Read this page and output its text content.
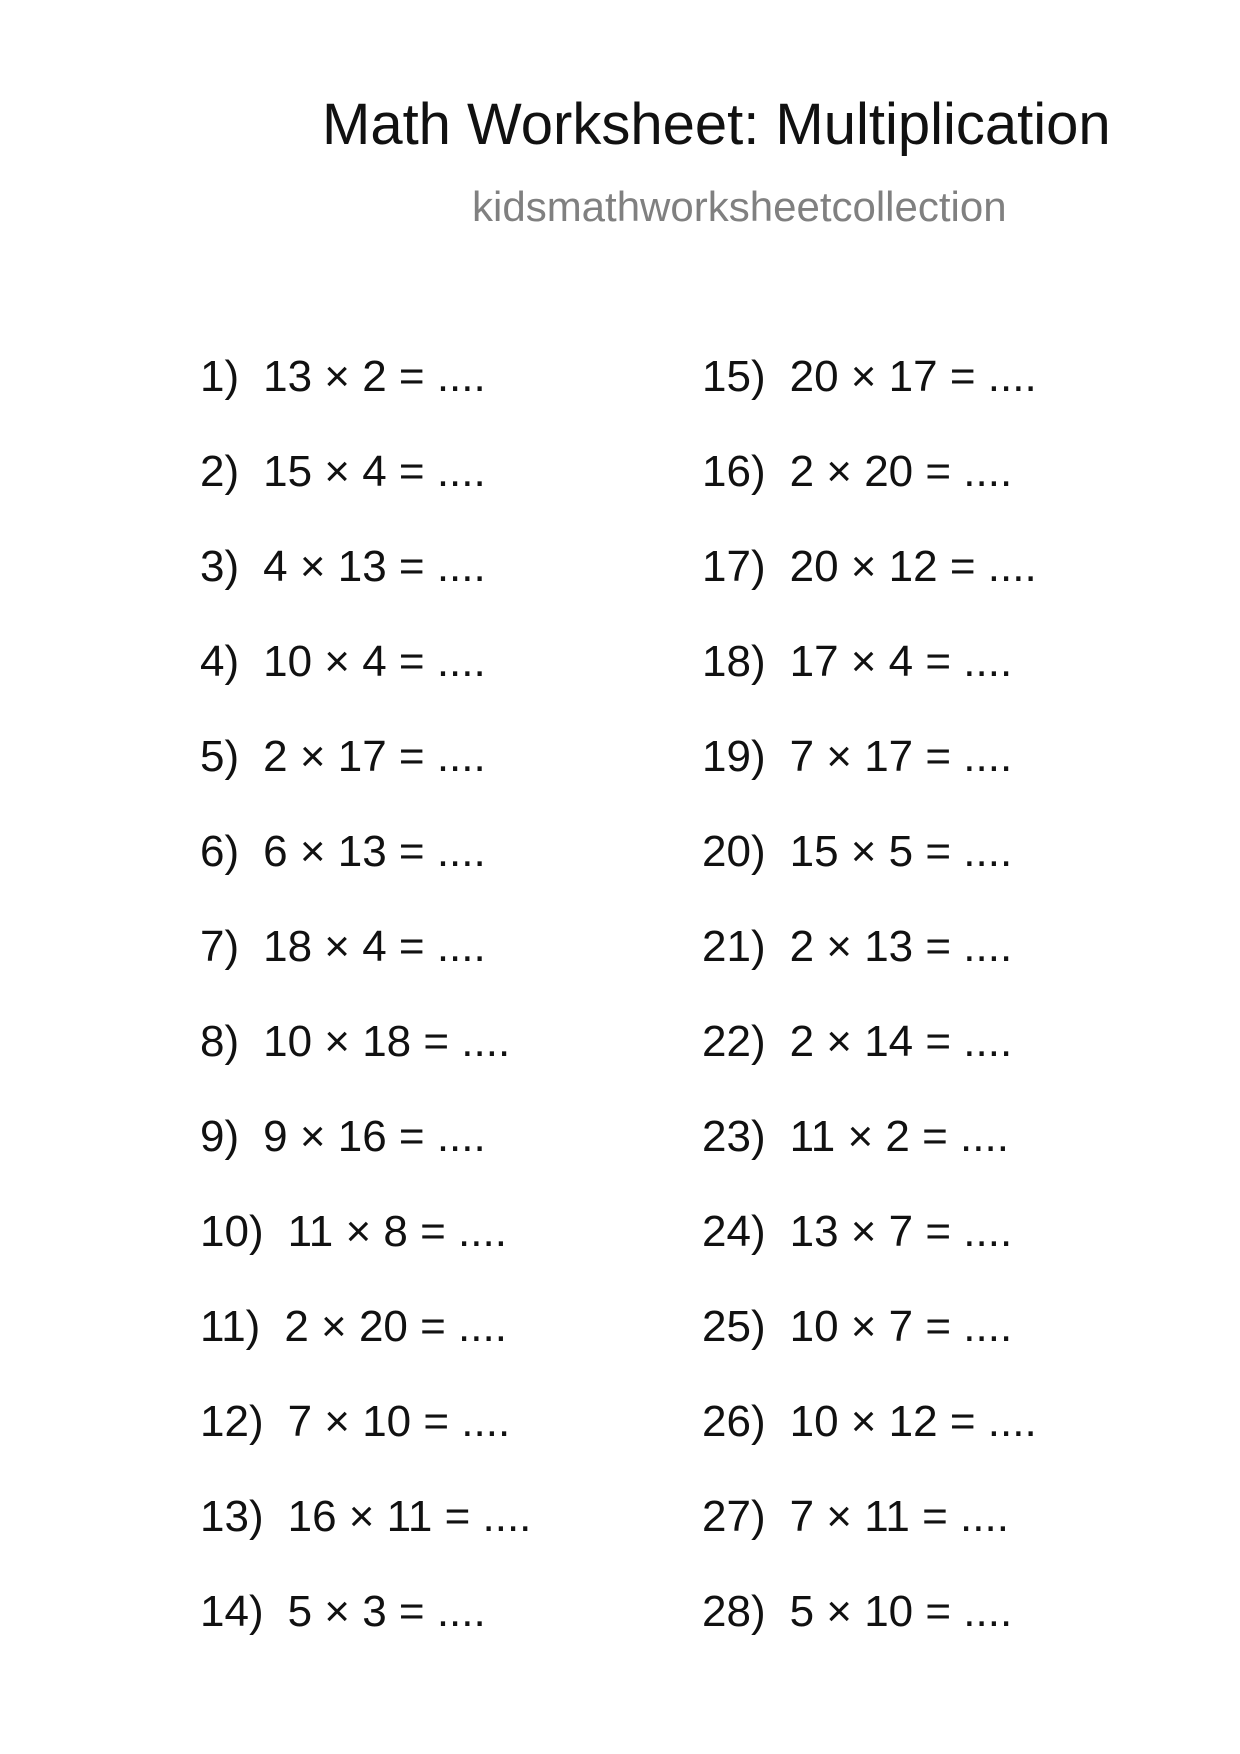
Math Worksheet: Multiplication
kidsmathworksheetcollection
1) 13 × 2 = ....
2) 15 × 4 = ....
3) 4 × 13 = ....
4) 10 × 4 = ....
5) 2 × 17 = ....
6) 6 × 13 = ....
7) 18 × 4 = ....
8) 10 × 18 = ....
9) 9 × 16 = ....
10) 11 × 8 = ....
11) 2 × 20 = ....
12) 7 × 10 = ....
13) 16 × 11 = ....
14) 5 × 3 = ....
15) 20 × 17 = ....
16) 2 × 20 = ....
17) 20 × 12 = ....
18) 17 × 4 = ....
19) 7 × 17 = ....
20) 15 × 5 = ....
21) 2 × 13 = ....
22) 2 × 14 = ....
23) 11 × 2 = ....
24) 13 × 7 = ....
25) 10 × 7 = ....
26) 10 × 12 = ....
27) 7 × 11 = ....
28) 5 × 10 = ....
